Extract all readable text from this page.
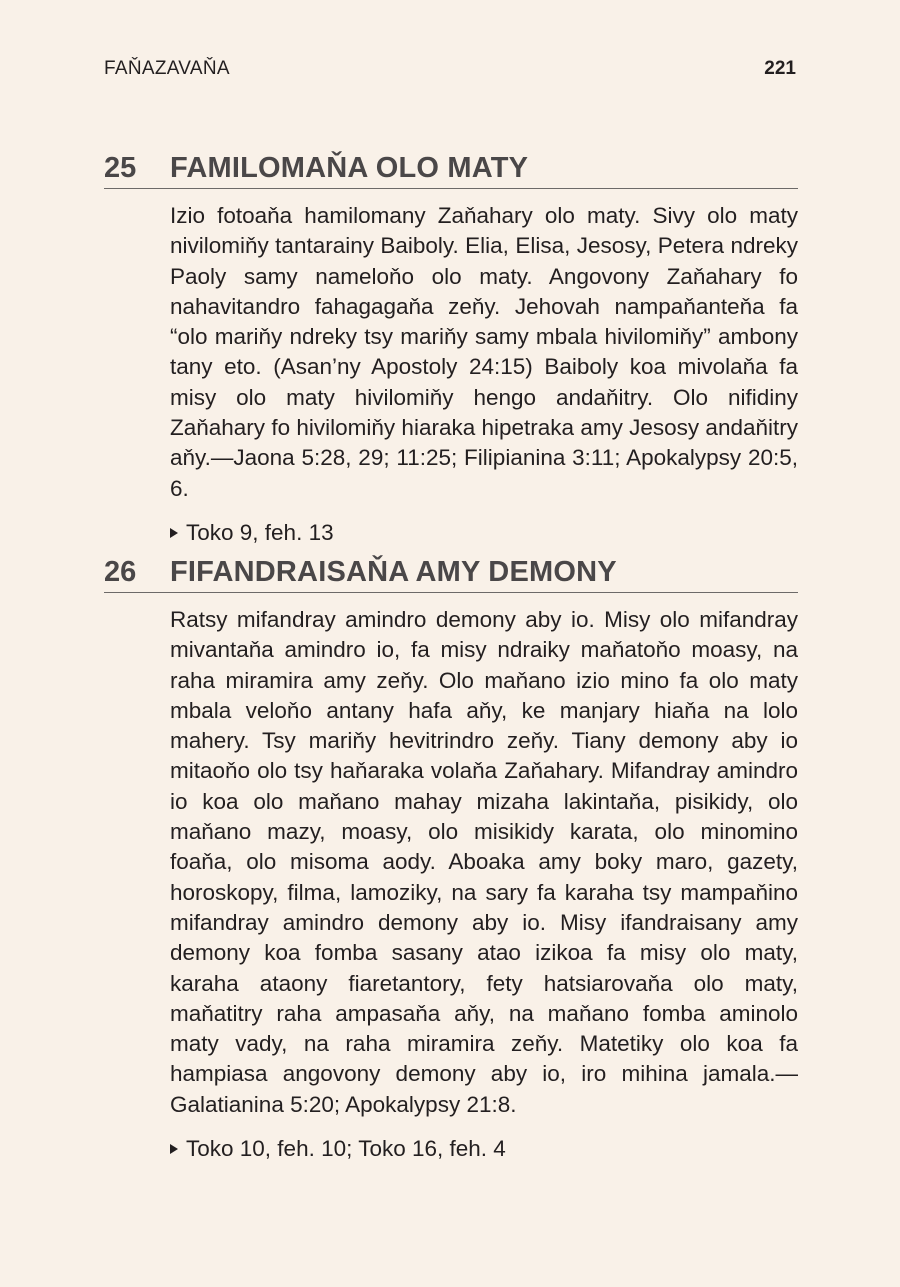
FAŇAZAVAŇA	221
25	FAMILOMAŇA OLO MATY

Izio fotoaňa hamilomany Zaňahary olo maty. Sivy olo maty nivilomiňy tantarainy Baiboly. Elia, Elisa, Jesosy, Petera ndreky Paoly samy nameloňo olo maty. Angovony Zaňahary fo nahavitandro fahagagaňa zeňy. Jehovah nampaňanteňa fa “olo mariňy ndreky tsy mariňy samy mbala hivilomiňy” ambony tany eto. (Asan’ny Apostoly 24:15) Baiboly koa mivolaňa fa misy olo maty hivilomiňy hengo andaňitry. Olo nifidiny Zaňahary fo hivilomiňy hiaraka hipetraka amy Jesosy andaňitry aňy.—Jaona 5:28, 29; 11:25; Filipianina 3:11; Apokalypsy 20:5, 6.

Toko 9, feh. 13
26	FIFANDRAISAŇA AMY DEMONY

Ratsy mifandray amindro demony aby io. Misy olo mifandray mivantaňa amindro io, fa misy ndraiky maňatoňo moasy, na raha miramira amy zeňy. Olo maňano izio mino fa olo maty mbala veloňo antany hafa aňy, ke manjary hiaňa na lolo mahery. Tsy mariňy hevitrindro zeňy. Tiany demony aby io mitaoňo olo tsy haňaraka volaňa Zaňahary. Mifandray amindro io koa olo maňano mahay mizaha lakintaňa, pisikidy, olo maňano mazy, moasy, olo misikidy karata, olo minomino foaňa, olo misoma aody. Aboaka amy boky maro, gazety, horoskopy, filma, lamoziky, na sary fa karaha tsy mampaňino mifandray amindro demony aby io. Misy ifandraisany amy demony koa fomba sasany atao izikoa fa misy olo maty, karaha ataony fiaretantory, fety hatsiarovaňa olo maty, maňatitry raha ampasaňa aňy, na maňano fomba aminolo maty vady, na raha miramira zeňy. Matetiky olo koa fa hampiasa angovony demony aby io, iro mihina jamala.—Galatianina 5:20; Apokalypsy 21:8.

Toko 10, feh. 10; Toko 16, feh. 4
